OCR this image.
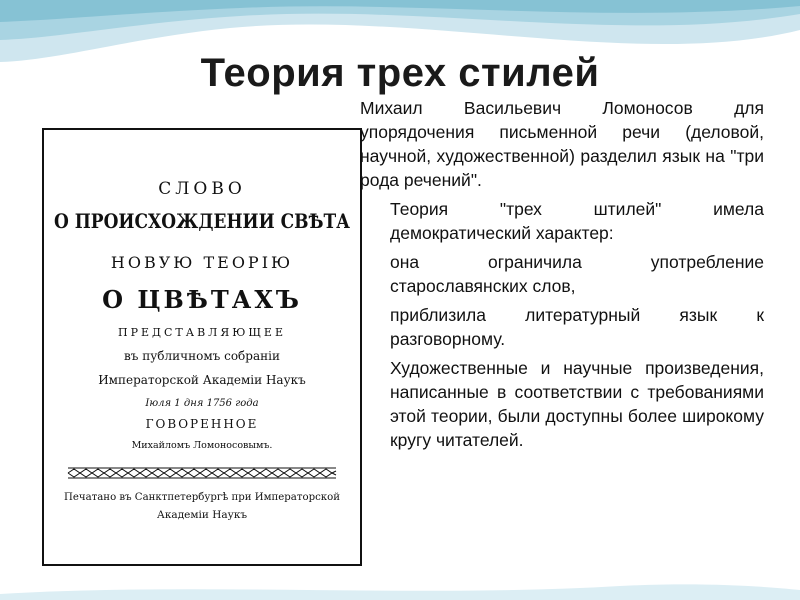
Теория трех стилей
СЛОВО
О ПРОИСХОЖДЕНИИ СВѢТА
НОВУЮ ТЕОРІЮ
О ЦВѢТАХЪ
ПРЕДСТАВЛЯЮЩЕЕ
въ публичномъ собраніи
Императорской Академіи Наукъ
Іюля 1 дня 1756 года
ГОВОРЕННОЕ
Михайломъ Ломоносовымъ.
Печатано въ Санктпетербургѣ при Императорской
Академіи Наукъ

Михаил Васильевич Ломоносов для упорядочения письменной речи (деловой, научной, художественной) разделил язык на "три рода речений".

Теория "трех штилей" имела демократический характер:

она ограничила употребление старославянских слов,

приблизила литературный язык к разговорному.

Художественные и научные произведения, написанные в соответствии с требованиями этой теории, были доступны более широкому кругу читателей.
